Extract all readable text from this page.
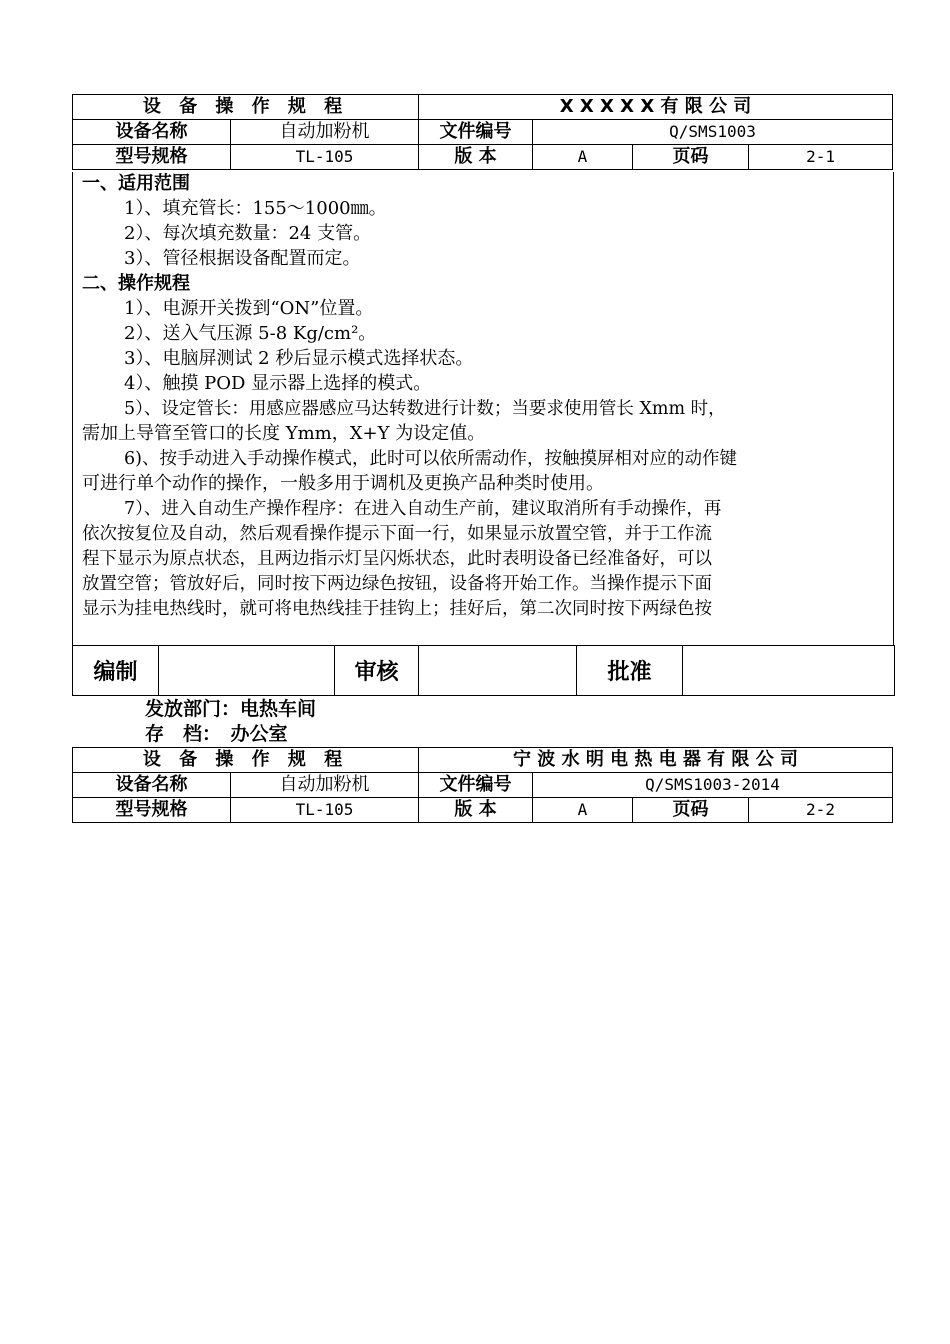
设 备 操 作 规 程		X X X X X 有 限 公 司			
设备名称	自动加粉机	文件编号	Q/SMS1003		
型号规格	TL-105	版 本	A	页码	2-1
一、适用范围
1）、填充管长：155～1000㎜。
2）、每次填充数量：24 支管。
3）、管径根据设备配置而定。
二、操作规程
1）、电源开关拨到“ON”位置。
2）、送入气压源 5-8 Kg/cm²。
3）、电脑屏测试 2 秒后显示模式选择状态。
4）、触摸 POD 显示器上选择的模式。
5）、设定管长：用感应器感应马达转数进行计数；当要求使用管长 Xmm 时，
需加上导管至管口的长度 Ymm，X+Y 为设定值。
6)、按手动进入手动操作模式，此时可以依所需动作，按触摸屏相对应的动作键
可进行单个动作的操作，一般多用于调机及更换产品种类时使用。
7）、进入自动生产操作程序：在进入自动生产前，建议取消所有手动操作，再
依次按复位及自动，然后观看操作提示下面一行，如果显示放置空管，并于工作流
程下显示为原点状态，且两边指示灯呈闪烁状态，此时表明设备已经准备好，可以
放置空管；管放好后，同时按下两边绿色按钮，设备将开始工作。当操作提示下面
显示为挂电热线时，就可将电热线挂于挂钩上；挂好后，第二次同时按下两绿色按
编制		审核		批准	
发放部门：电热车间
存　档：　办公室
设 备 操 作 规 程		宁 波 水 明 电 热 电 器 有 限 公 司			
设备名称	自动加粉机	文件编号	Q/SMS1003-2014		
型号规格	TL-105	版 本	A	页码	2-2
